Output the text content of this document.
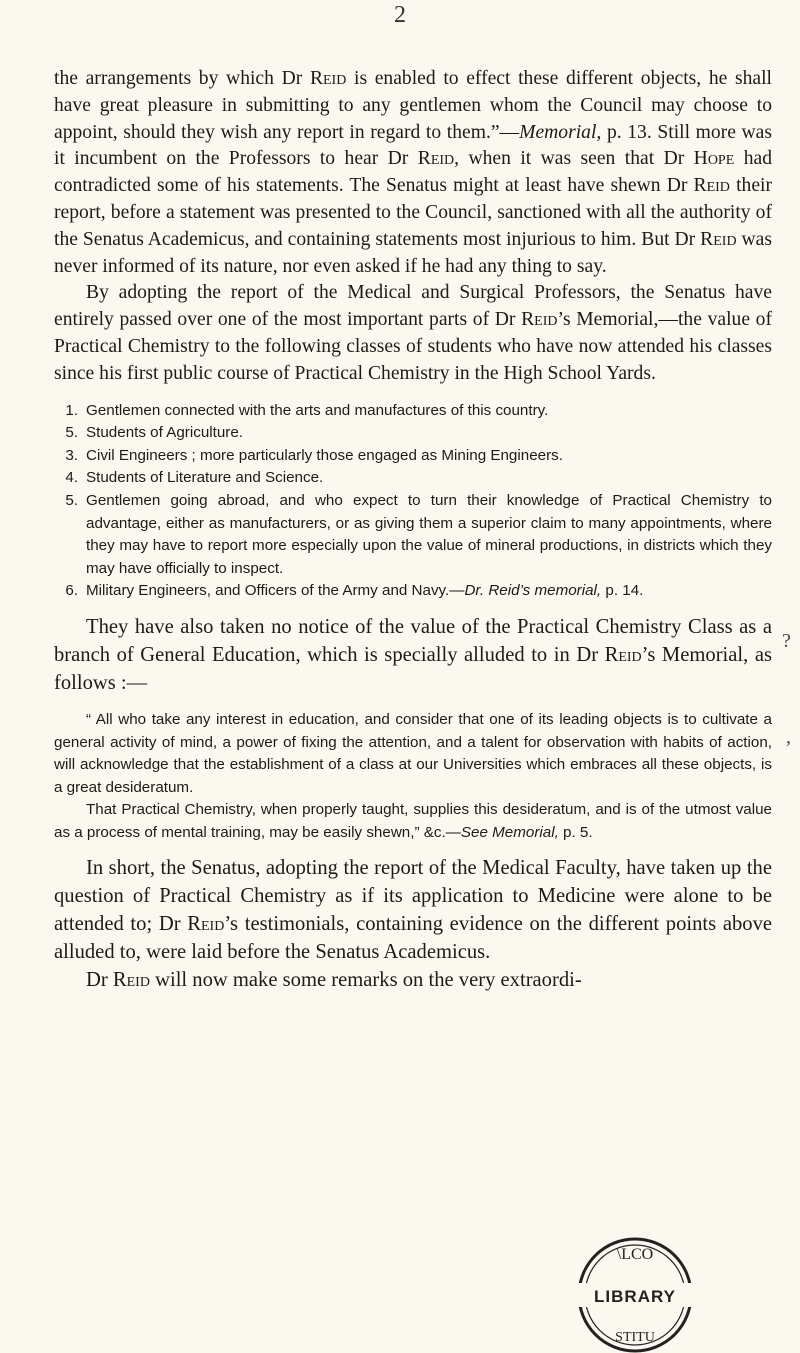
2

the arrangements by which Dr Reid is enabled to effect these different objects, he shall have great pleasure in submitting to any gentlemen whom the Council may choose to appoint, should they wish any report in regard to them.”—Memorial, p. 13. Still more was it incumbent on the Professors to hear Dr Reid, when it was seen that Dr Hope had contradicted some of his statements. The Senatus might at least have shewn Dr Reid their report, before a statement was presented to the Council, sanctioned with all the authority of the Senatus Academicus, and containing statements most injurious to him. But Dr Reid was never informed of its nature, nor even asked if he had any thing to say.

By adopting the report of the Medical and Surgical Professors, the Senatus have entirely passed over one of the most important parts of Dr Reid’s Memorial,—the value of Practical Chemistry to the following classes of students who have now attended his classes since his first public course of Practical Chemistry in the High School Yards.

1. Gentlemen connected with the arts and manufactures of this country.
5. Students of Agriculture.
3. Civil Engineers ; more particularly those engaged as Mining Engineers.
4. Students of Literature and Science.
5. Gentlemen going abroad, and who expect to turn their knowledge of Practical Chemistry to advantage, either as manufacturers, or as giving them a superior claim to many appointments, where they may have to report more especially upon the value of mineral productions, in districts which they may have officially to inspect.
6. Military Engineers, and Officers of the Army and Navy.—Dr. Reid’s memorial, p. 14.

They have also taken no notice of the value of the Practical Chemistry Class as a branch of General Education, which is specially alluded to in Dr Reid’s Memorial, as follows :—

“ All who take any interest in education, and consider that one of its leading objects is to cultivate a general activity of mind, a power of fixing the attention, and a talent for observation with habits of action, will acknowledge that the establishment of a class at our Universities which embraces all these objects, is a great desideratum.

That Practical Chemistry, when properly taught, supplies this desideratum, and is of the utmost value as a process of mental training, may be easily shewn,” &c.—See Memorial, p. 5.

In short, the Senatus, adopting the report of the Medical Faculty, have taken up the question of Practical Chemistry as if its application to Medicine were alone to be attended to; Dr Reid’s testimonials, containing evidence on the different points above alluded to, were laid before the Senatus Academicus.

Dr Reid will now make some remarks on the very extraordi-

?
,
\LCO
LIBRARY
STITU
